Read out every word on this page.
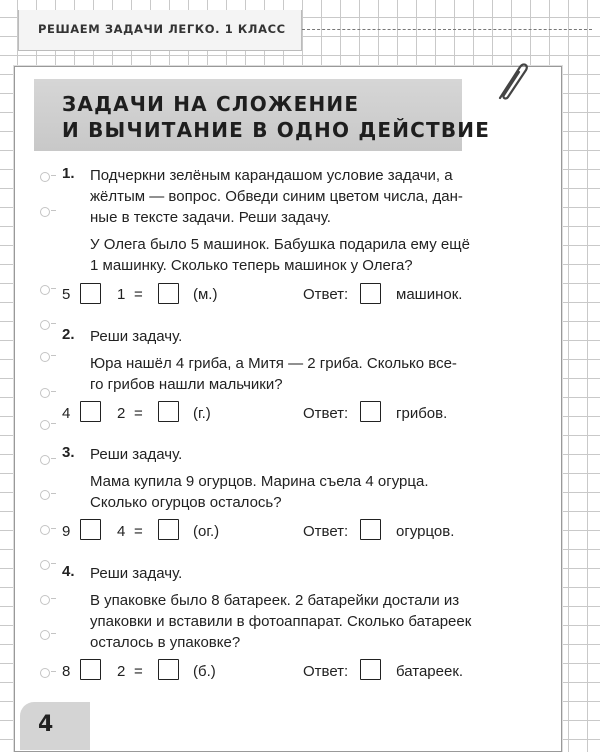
РЕШАЕМ ЗАДАЧИ ЛЕГКО. 1 КЛАСС
ЗАДАЧИ НА СЛОЖЕНИЕ
И ВЫЧИТАНИЕ В ОДНО ДЕЙСТВИЕ
1. Подчеркни зелёным карандашом условие задачи, а
жёлтым — вопрос. Обведи синим цветом числа, дан-
ные в тексте задачи. Реши задачу.
У Олега было 5 машинок. Бабушка подарила ему ещё
1 машинку. Сколько теперь машинок у Олега?
5	1 =	(м.)	Ответ:	машинок.
2. Реши задачу.
Юра нашёл 4 гриба, а Митя — 2 гриба. Сколько все-
го грибов нашли мальчики?
4	2 =	(г.)	Ответ:	грибов.
3. Реши задачу.
Мама купила 9 огурцов. Марина съела 4 огурца.
Сколько огурцов осталось?
9	4 =	(ог.)	Ответ:	огурцов.
4. Реши задачу.
В упаковке было 8 батареек. 2 батарейки достали из
упаковки и вставили в фотоаппарат. Сколько батареек
осталось в упаковке?
8	2 =	(б.)	Ответ:	батареек.
4
